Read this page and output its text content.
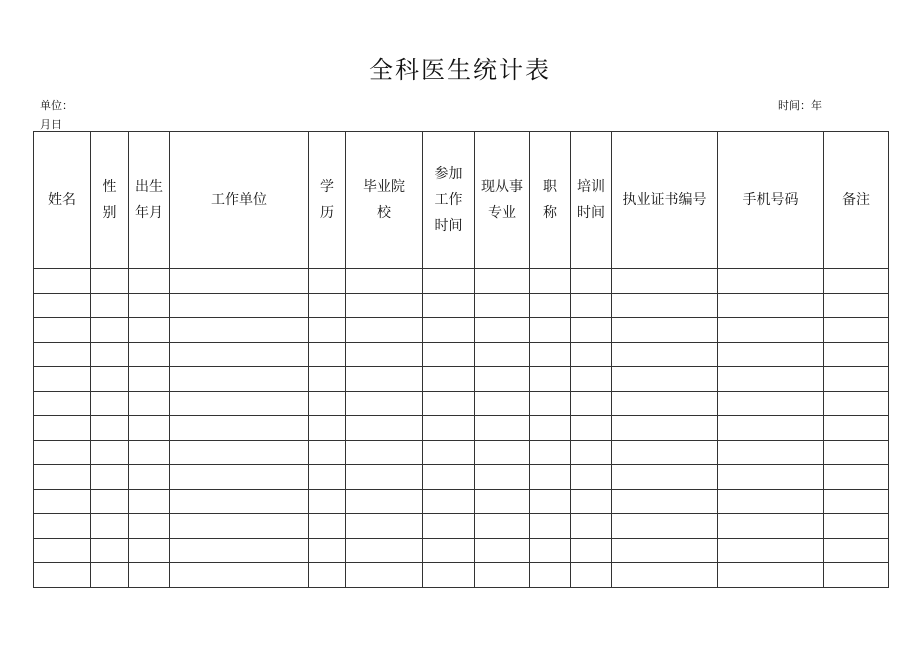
全科医生统计表
单位：	时间：年
月日
姓名	性别	出生年月	工作单位	学历	毕业院校	参加工作时间	现从事专业	职称	培训时间	执业证书编号	手机号码	备注
